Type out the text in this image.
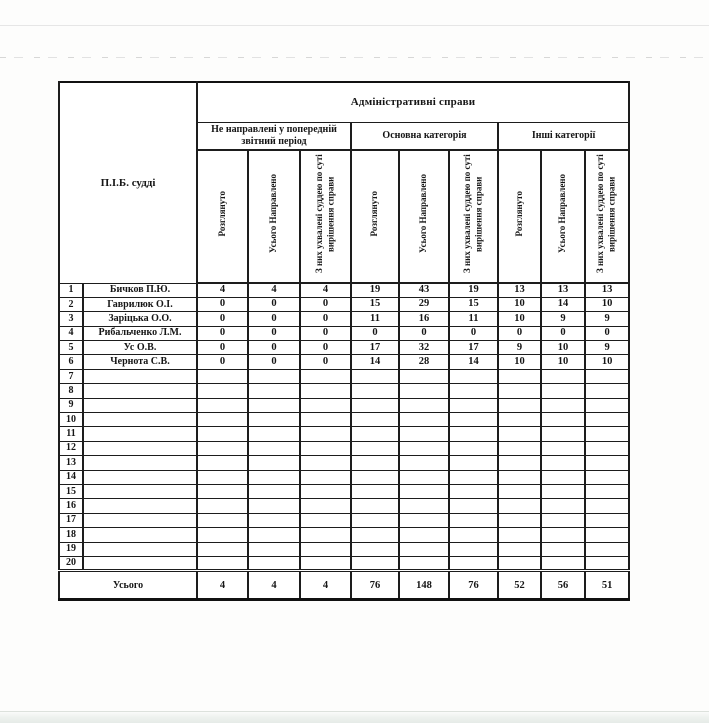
П.І.Б. судді		Адміністративні справи								
		Не направлені у попередній звітний період			Основна категорія			Інші категорії		
		Розглянуто	Усього Направлено	З них ухвалені суддею по суті вирішення справи	Розглянуто	Усього Направлено	З них ухвалені суддею по суті вирішення справи	Розглянуто	Усього Направлено	З них ухвалені суддею по суті вирішення справи
1	Бичков П.Ю.	4	4	4	19	43	19	13	13	13
2	Гаврилюк О.І.	0	0	0	15	29	15	10	14	10
3	Заріцька О.О.	0	0	0	11	16	11	10	9	9
4	Рибальченко Л.М.	0	0	0	0	0	0	0	0	0
5	Ус О.В.	0	0	0	17	32	17	9	10	9
6	Чернота С.В.	0	0	0	14	28	14	10	10	10
7										
8										
9										
10										
11										
12										
13										
14										
15										
16										
17										
18										
19										
20										
Усього		4	4	4	76	148	76	52	56	51
